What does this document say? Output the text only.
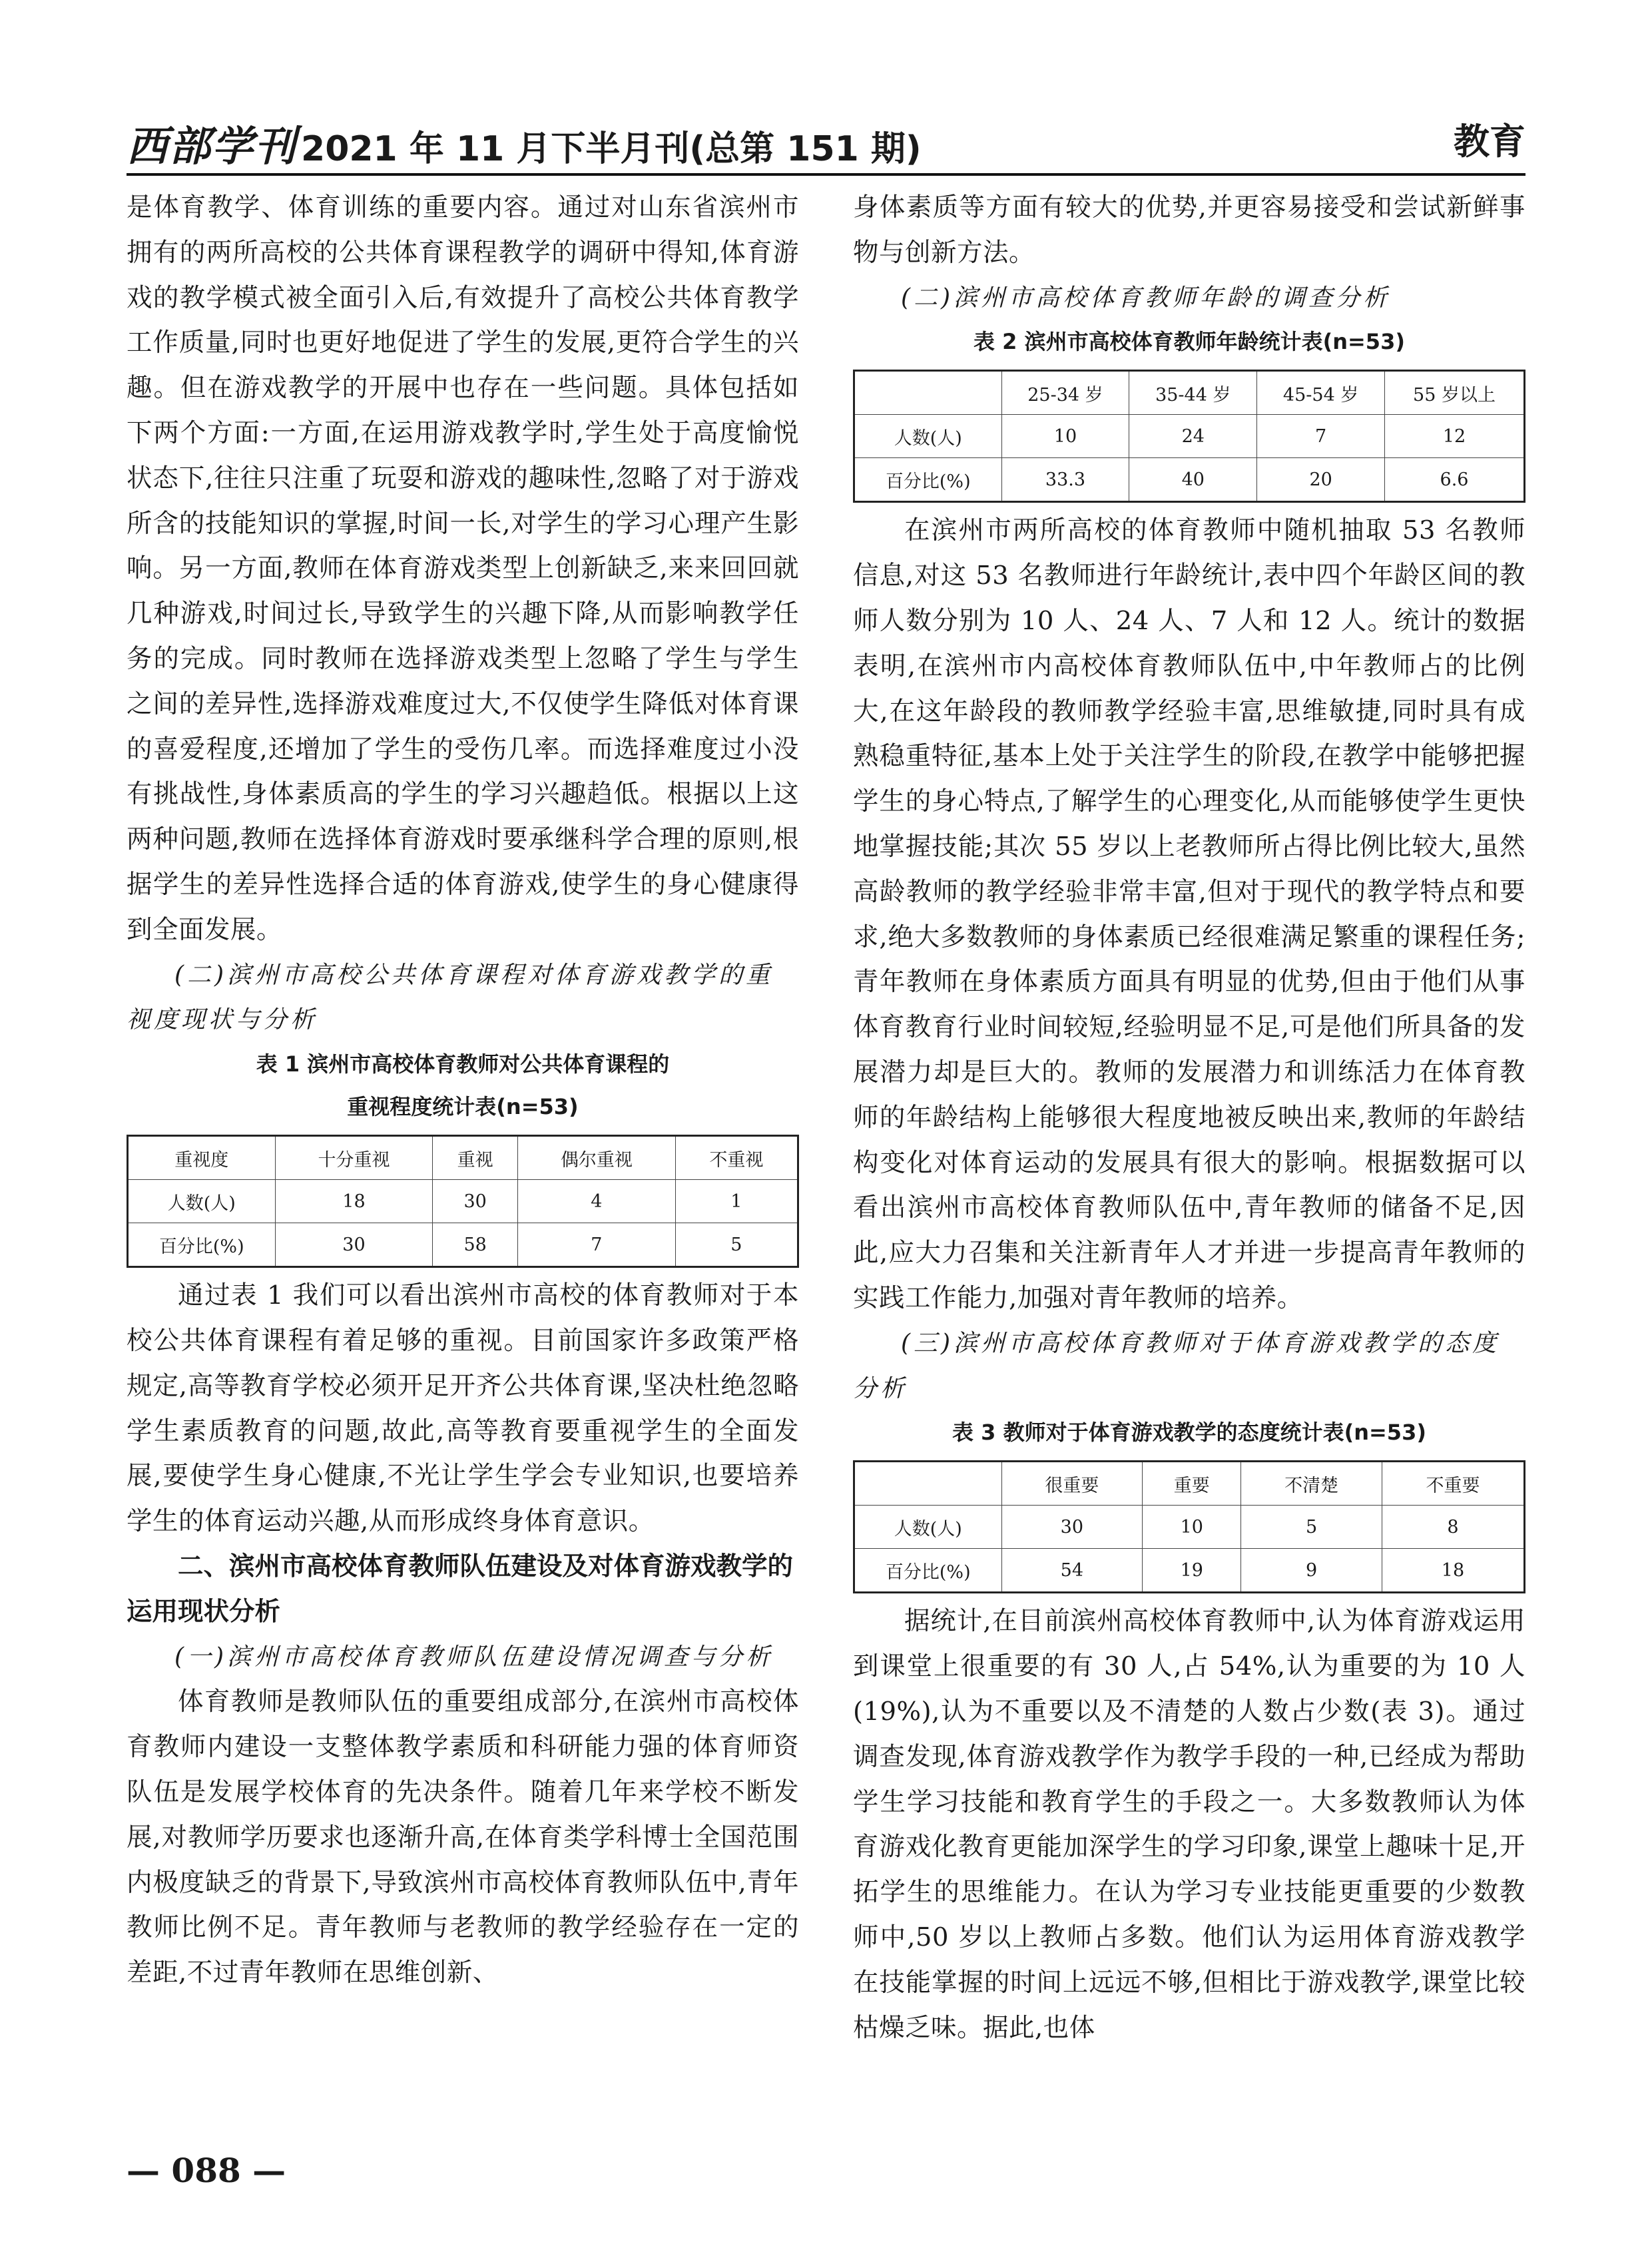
西部学刊 2021 年 11 月下半月刊(总第 151 期)	教育

是体育教学、体育训练的重要内容。通过对山东省滨州市拥有的两所高校的公共体育课程教学的调研中得知,体育游戏的教学模式被全面引入后,有效提升了高校公共体育教学工作质量,同时也更好地促进了学生的发展,更符合学生的兴趣。但在游戏教学的开展中也存在一些问题。具体包括如下两个方面:一方面,在运用游戏教学时,学生处于高度愉悦状态下,往往只注重了玩耍和游戏的趣味性,忽略了对于游戏所含的技能知识的掌握,时间一长,对学生的学习心理产生影响。另一方面,教师在体育游戏类型上创新缺乏,来来回回就几种游戏,时间过长,导致学生的兴趣下降,从而影响教学任务的完成。同时教师在选择游戏类型上忽略了学生与学生之间的差异性,选择游戏难度过大,不仅使学生降低对体育课的喜爱程度,还增加了学生的受伤几率。而选择难度过小没有挑战性,身体素质高的学生的学习兴趣趋低。根据以上这两种问题,教师在选择体育游戏时要承继科学合理的原则,根据学生的差异性选择合适的体育游戏,使学生的身心健康得到全面发展。

(二)滨州市高校公共体育课程对体育游戏教学的重视度现状与分析
表 1 滨州市高校体育教师对公共体育课程的
重视程度统计表(n=53)
重视度	十分重视	重视	偶尔重视	不重视
人数(人)	18	30	4	1
百分比(%)	30	58	7	5

通过表 1 我们可以看出滨州市高校的体育教师对于本校公共体育课程有着足够的重视。目前国家许多政策严格规定,高等教育学校必须开足开齐公共体育课,坚决杜绝忽略学生素质教育的问题,故此,高等教育要重视学生的全面发展,要使学生身心健康,不光让学生学会专业知识,也要培养学生的体育运动兴趣,从而形成终身体育意识。

二、滨州市高校体育教师队伍建设及对体育游戏教学的运用现状分析
(一)滨州市高校体育教师队伍建设情况调查与分析

体育教师是教师队伍的重要组成部分,在滨州市高校体育教师内建设一支整体教学素质和科研能力强的体育师资队伍是发展学校体育的先决条件。随着几年来学校不断发展,对教师学历要求也逐渐升高,在体育类学科博士全国范围内极度缺乏的背景下,导致滨州市高校体育教师队伍中,青年教师比例不足。青年教师与老教师的教学经验存在一定的差距,不过青年教师在思维创新、

身体素质等方面有较大的优势,并更容易接受和尝试新鲜事物与创新方法。

(二)滨州市高校体育教师年龄的调查分析
表 2 滨州市高校体育教师年龄统计表(n=53)
	25-34 岁	35-44 岁	45-54 岁	55 岁以上
人数(人)	10	24	7	12
百分比(%)	33.3	40	20	6.6

在滨州市两所高校的体育教师中随机抽取 53 名教师信息,对这 53 名教师进行年龄统计,表中四个年龄区间的教师人数分别为 10 人、24 人、7 人和 12 人。统计的数据表明,在滨州市内高校体育教师队伍中,中年教师占的比例大,在这年龄段的教师教学经验丰富,思维敏捷,同时具有成熟稳重特征,基本上处于关注学生的阶段,在教学中能够把握学生的身心特点,了解学生的心理变化,从而能够使学生更快地掌握技能;其次 55 岁以上老教师所占得比例比较大,虽然高龄教师的教学经验非常丰富,但对于现代的教学特点和要求,绝大多数教师的身体素质已经很难满足繁重的课程任务;青年教师在身体素质方面具有明显的优势,但由于他们从事体育教育行业时间较短,经验明显不足,可是他们所具备的发展潜力却是巨大的。教师的发展潜力和训练活力在体育教师的年龄结构上能够很大程度地被反映出来,教师的年龄结构变化对体育运动的发展具有很大的影响。根据数据可以看出滨州市高校体育教师队伍中,青年教师的储备不足,因此,应大力召集和关注新青年人才并进一步提高青年教师的实践工作能力,加强对青年教师的培养。

(三)滨州市高校体育教师对于体育游戏教学的态度分析
表 3 教师对于体育游戏教学的态度统计表(n=53)
	很重要	重要	不清楚	不重要
人数(人)	30	10	5	8
百分比(%)	54	19	9	18

据统计,在目前滨州高校体育教师中,认为体育游戏运用到课堂上很重要的有 30 人,占 54%,认为重要的为 10 人(19%),认为不重要以及不清楚的人数占少数(表 3)。通过调查发现,体育游戏教学作为教学手段的一种,已经成为帮助学生学习技能和教育学生的手段之一。大多数教师认为体育游戏化教育更能加深学生的学习印象,课堂上趣味十足,开拓学生的思维能力。在认为学习专业技能更重要的少数教师中,50 岁以上教师占多数。他们认为运用体育游戏教学在技能掌握的时间上远远不够,但相比于游戏教学,课堂比较枯燥乏味。据此,也体

— 088 —
